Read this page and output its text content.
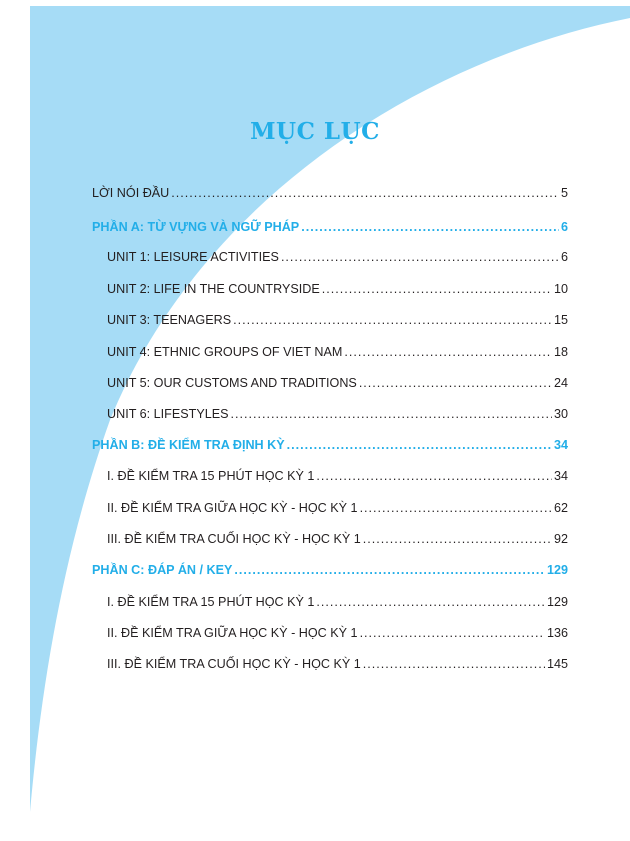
MỤC LỤC
LỜI NÓI ĐẦU .....	5
PHẦN A: TỪ VỰNG VÀ NGỮ PHÁP .....	6
UNIT 1: LEISURE ACTIVITIES .....	6
UNIT 2: LIFE IN THE COUNTRYSIDE .....	10
UNIT 3: TEENAGERS .....	15
UNIT 4: ETHNIC GROUPS OF VIET NAM .....	18
UNIT 5: OUR CUSTOMS AND TRADITIONS .....	24
UNIT 6: LIFESTYLES .....	30
PHẦN B: ĐỀ KIỂM TRA ĐỊNH KỲ .....	34
I. ĐỀ KIỂM TRA 15 PHÚT HỌC KỲ 1 .....	34
II. ĐỀ KIỂM TRA GIỮA HỌC KỲ - HỌC KỲ 1 .....	62
III. ĐỀ KIỂM TRA CUỐI HỌC KỲ - HỌC KỲ 1 .....	92
PHẦN C: ĐÁP ÁN / KEY .....	129
I. ĐỀ KIỂM TRA 15 PHÚT HỌC KỲ 1 .....	129
II. ĐỀ KIỂM TRA GIỮA HỌC KỲ - HỌC KỲ 1 .....	136
III. ĐỀ KIỂM TRA CUỐI HỌC KỲ - HỌC KỲ 1 .....	145
